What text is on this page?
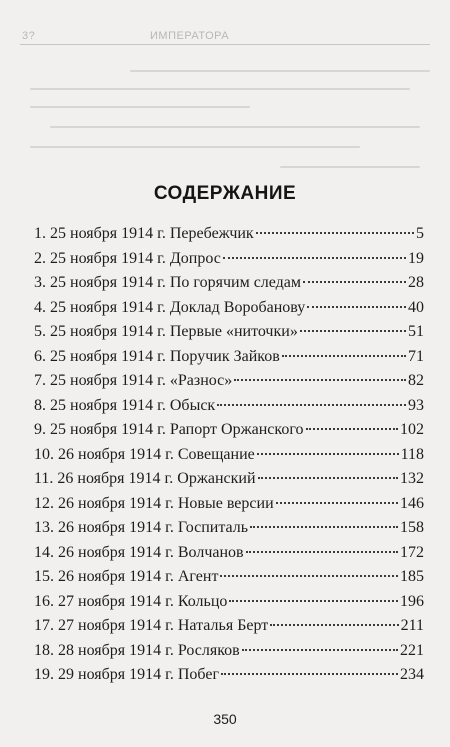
3?	ИМПЕРАТОРА
СОДЕРЖАНИЕ
1. 25 ноября 1914 г. Перебежчик	5
2. 25 ноября 1914 г. Допрос	19
3. 25 ноября 1914 г. По горячим следам	28
4. 25 ноября 1914 г. Доклад Воробанову	40
5. 25 ноября 1914 г. Первые «ниточки»	51
6. 25 ноября 1914 г. Поручик Зайков	71
7. 25 ноября 1914 г. «Разнос»	82
8. 25 ноября 1914 г. Обыск	93
9. 25 ноября 1914 г. Рапорт Оржанского	102
10. 26 ноября 1914 г. Совещание	118
11. 26 ноября 1914 г. Оржанский	132
12. 26 ноября 1914 г. Новые версии	146
13. 26 ноября 1914 г. Госпиталь	158
14. 26 ноября 1914 г. Волчанов	172
15. 26 ноября 1914 г. Агент	185
16. 27 ноября 1914 г. Кольцо	196
17. 27 ноября 1914 г. Наталья Берт	211
18. 28 ноября 1914 г. Росляков	221
19. 29 ноября 1914 г. Побег	234
350
